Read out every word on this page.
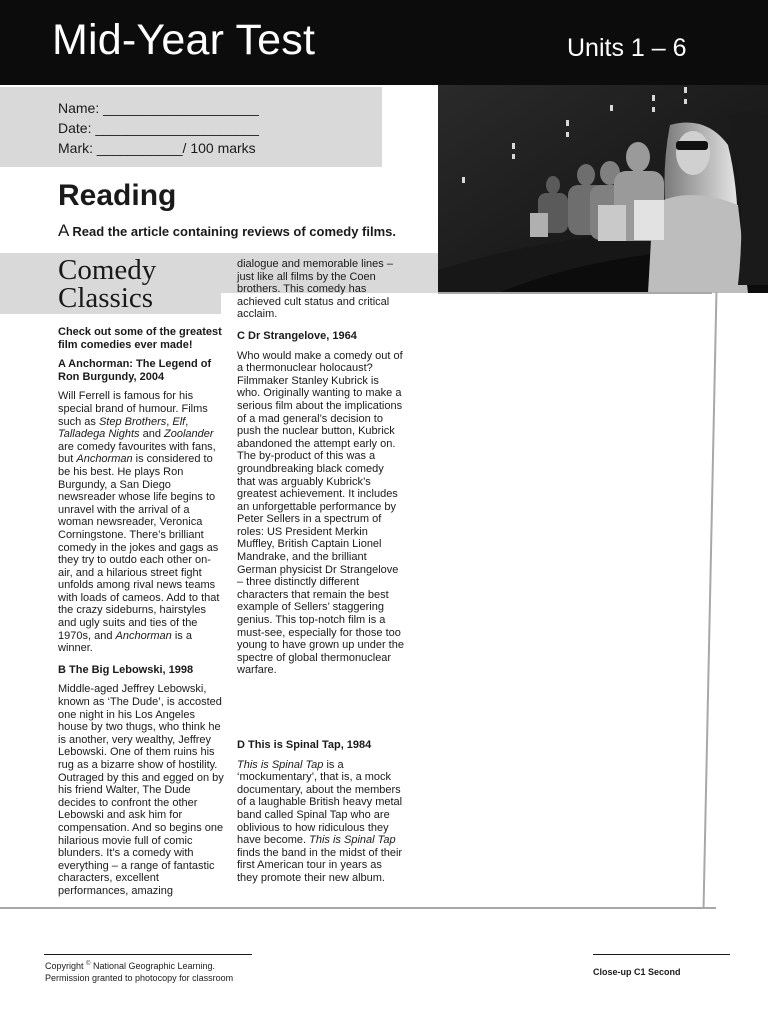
Mid-Year Test	Units 1 – 6
Name: ____________________
Date: _____________________
Mark: ___________/ 100 marks
Reading
A Read the article containing reviews of comedy films.
Comedy
Classics

Check out some of the greatest film comedies ever made!

A Anchorman: The Legend of Ron Burgundy, 2004

Will Ferrell is famous for his special brand of humour. Films such as Step Brothers, Elf, Talladega Nights and Zoolander are comedy favourites with fans, but Anchorman is considered to be his best. He plays Ron Burgundy, a San Diego newsreader whose life begins to unravel with the arrival of a woman newsreader, Veronica Corningstone. There’s brilliant comedy in the jokes and gags as they try to outdo each other on-air, and a hilarious street fight unfolds among rival news teams with loads of cameos. Add to that the crazy sideburns, hairstyles and ugly suits and ties of the 1970s, and Anchorman is a winner.

B The Big Lebowski, 1998

Middle-aged Jeffrey Lebowski, known as ‘The Dude’, is accosted one night in his Los Angeles house by two thugs, who think he is another, very wealthy, Jeffrey Lebowski. One of them ruins his rug as a bizarre show of hostility. Outraged by this and egged on by his friend Walter, The Dude decides to confront the other Lebowski and ask him for compensation. And so begins one hilarious movie full of comic blunders. It’s a comedy with everything – a range of fantastic characters, excellent performances, amazing

dialogue and memorable lines – just like all films by the Coen brothers. This comedy has achieved cult status and critical acclaim.

C Dr Strangelove, 1964

Who would make a comedy out of a thermonuclear holocaust? Filmmaker Stanley Kubrick is who. Originally wanting to make a serious film about the implications of a mad general’s decision to push the nuclear button, Kubrick abandoned the attempt early on. The by-product of this was a groundbreaking black comedy that was arguably Kubrick’s greatest achievement. It includes an unforgettable performance by Peter Sellers in a spectrum of roles: US President Merkin Muffley, British Captain Lionel Mandrake, and the brilliant German physicist Dr Strangelove – three distinctly different characters that remain the best example of Sellers’ staggering genius. This top-notch film is a must-see, especially for those too young to have grown up under the spectre of global thermonuclear warfare.

D This is Spinal Tap, 1984

This is Spinal Tap is a ‘mockumentary’, that is, a mock documentary, about the members of a laughable British heavy metal band called Spinal Tap who are oblivious to how ridiculous they have become. This is Spinal Tap finds the band in the midst of their first American tour in years as they promote their new album.

Copyright © National Geographic Learning.
Permission granted to photocopy for classroom
Close-up C1 Second
